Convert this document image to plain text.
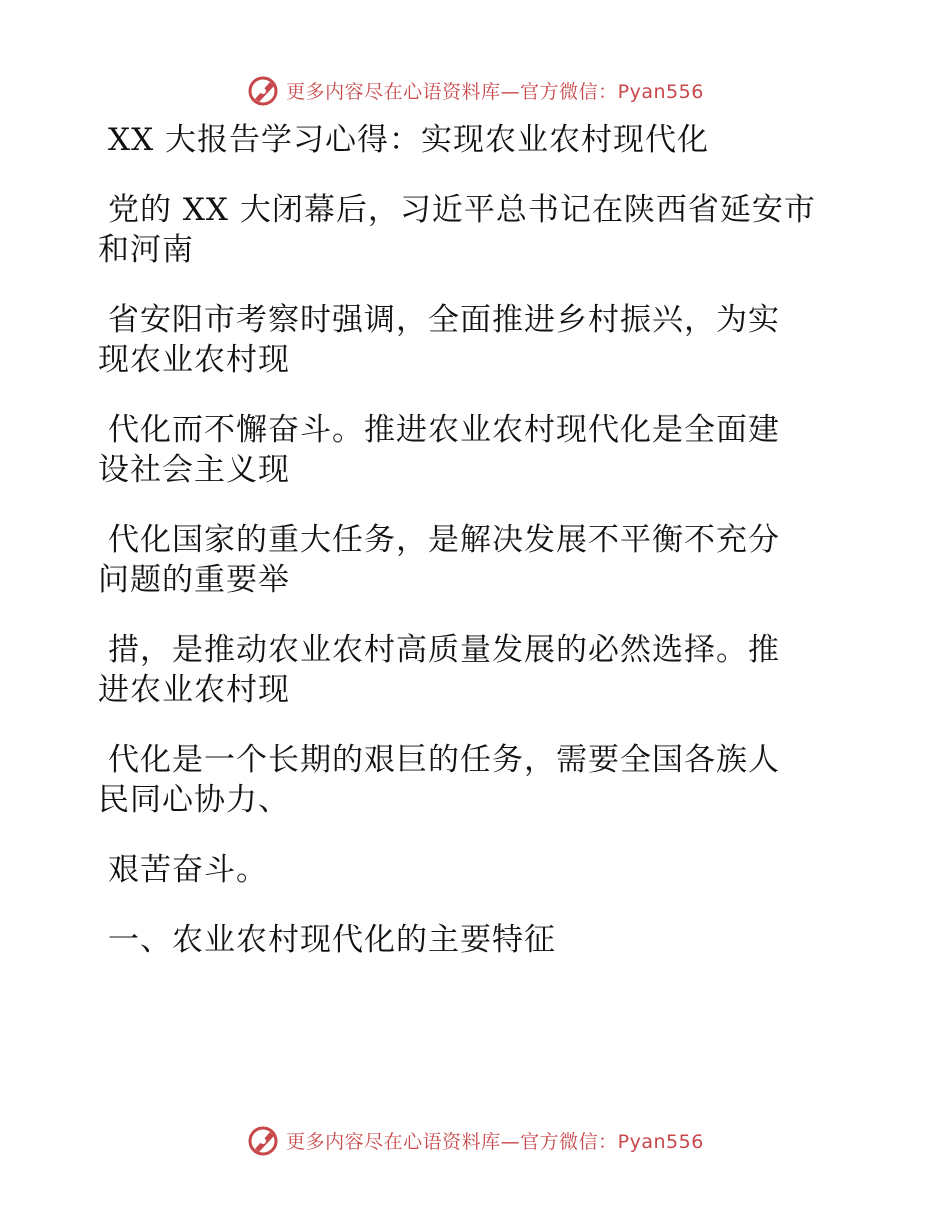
更多内容尽在心语资料库—官方微信：Pyan556
XX 大报告学习心得：实现农业农村现代化
党的 XX 大闭幕后，习近平总书记在陕西省延安市
和河南
省安阳市考察时强调，全面推进乡村振兴，为实
现农业农村现
代化而不懈奋斗。推进农业农村现代化是全面建
设社会主义现
代化国家的重大任务，是解决发展不平衡不充分
问题的重要举
措，是推动农业农村高质量发展的必然选择。推
进农业农村现
代化是一个长期的艰巨的任务，需要全国各族人
民同心协力、
艰苦奋斗。
一、农业农村现代化的主要特征
更多内容尽在心语资料库—官方微信：Pyan556
